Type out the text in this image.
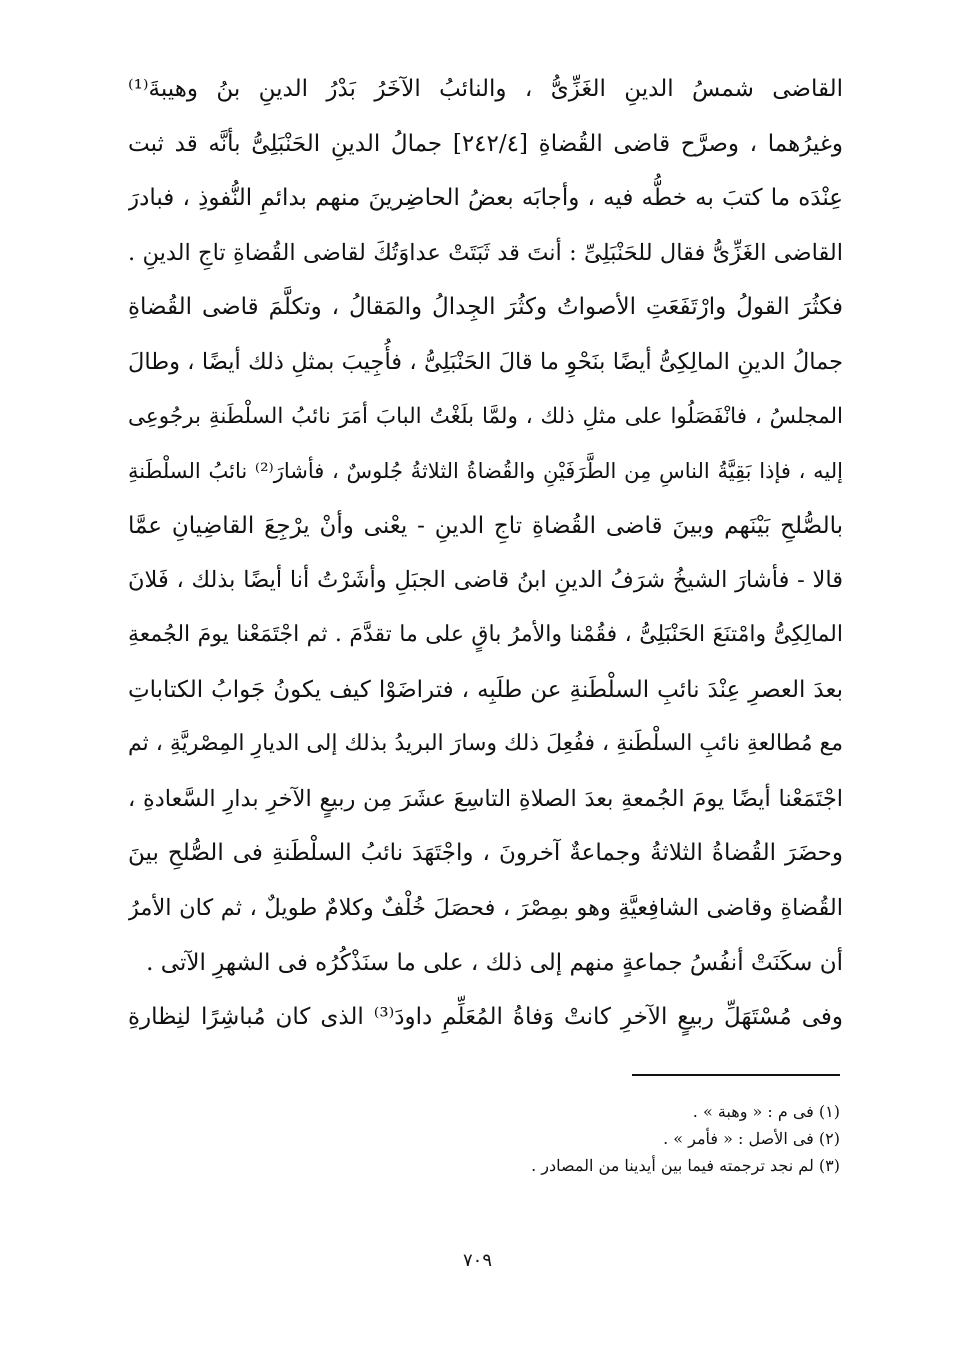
القاضى شمسُ الدينِ الغَزِّىُّ ، والنائبُ الآخَرُ بَدْرُ الدينِ بنُ وهيبةَ⁽¹⁾
وغيرُهما ، وصرَّح قاضى القُضاةِ [٢٤٢/٤] جمالُ الدينِ الحَنْبَلِىُّ بأنَّه قد ثبت
عِنْدَه ما كتبَ به خطُّه فيه ، وأجابَه بعضُ الحاضِرينَ منهم بدائمِ النُّفوذِ ، فبادرَ
القاضى الغَزِّىُّ فقال للحَنْبَلِىِّ : أنتَ قد ثَبَتَتْ عداوَتُكَ لقاضى القُضاةِ تاجِ الدينِ .
فكثُرَ القولُ وارْتَفَعَتِ الأصواتُ وكثُرَ الجِدالُ والمَقالُ ، وتكلَّمَ قاضى القُضاةِ
جمالُ الدينِ المالِكِىُّ أيضًا بنَحْوِ ما قالَ الحَنْبَلِىُّ ، فأُجِيبَ بمثلِ ذلك أيضًا ، وطالَ
المجلسُ ، فانْفَصَلُوا على مثلِ ذلك ، ولمَّا بلَغْتُ البابَ أمَرَ نائبُ السلْطَنةِ برجُوعِى
إليه ، فإذا بَقِيَّةُ الناسِ مِن الطَّرَفَيْنِ والقُضاةُ الثلاثةُ جُلوسٌ ، فأشارَ⁽²⁾ نائبُ السلْطَنةِ
بالصُّلحِ بَيْنَهم وبينَ قاضى القُضاةِ تاجِ الدينِ - يعْنى وأنْ يرْجِعَ القاضِيانِ عمَّا
قالا - فأشارَ الشيخُ شرَفُ الدينِ ابنُ قاضى الجبَلِ وأشَرْتُ أنا أيضًا بذلك ، فَلانَ
المالِكِىُّ وامْتنَعَ الحَنْبَلِىُّ ، فقُمْنا والأمرُ باقٍ على ما تقدَّمَ . ثم اجْتَمَعْنا يومَ الجُمعةِ
بعدَ العصرِ عِنْدَ نائبِ السلْطَنةِ عن طلَبِه ، فتراضَوْا كيف يكونُ جَوابُ الكتاباتِ
مع مُطالعةِ نائبِ السلْطَنةِ ، ففُعِلَ ذلك وسارَ البريدُ بذلك إلى الديارِ المِصْريَّةِ ، ثم
اجْتَمَعْنا أيضًا يومَ الجُمعةِ بعدَ الصلاةِ التاسِعَ عشَرَ مِن ربيعٍ الآخرِ بدارِ السَّعادةِ ،
وحضَرَ القُضاةُ الثلاثةُ وجماعةٌ آخرونَ ، واجْتَهَدَ نائبُ السلْطَنةِ فى الصُّلحِ بينَ
القُضاةِ وقاضى الشافِعيَّةِ وهو بمِصْرَ ، فحصَلَ خُلْفٌ وكلامٌ طويلٌ ، ثم كان الأمرُ
أن سكَنَتْ أنفُسُ جماعةٍ منهم إلى ذلك ، على ما سنَذْكُرُه فى الشهرِ الآتى .
وفى مُسْتَهَلِّ ربيعٍ الآخرِ كانتْ وَفاةُ المُعَلِّمِ داودَ⁽³⁾ الذى كان مُباشِرًا لنِظارةِ
(١) فى م : « وهبة » .
(٢) فى الأصل : « فأمر » .
(٣) لم نجد ترجمته فيما بين أيدينا من المصادر .
٧٠٩
